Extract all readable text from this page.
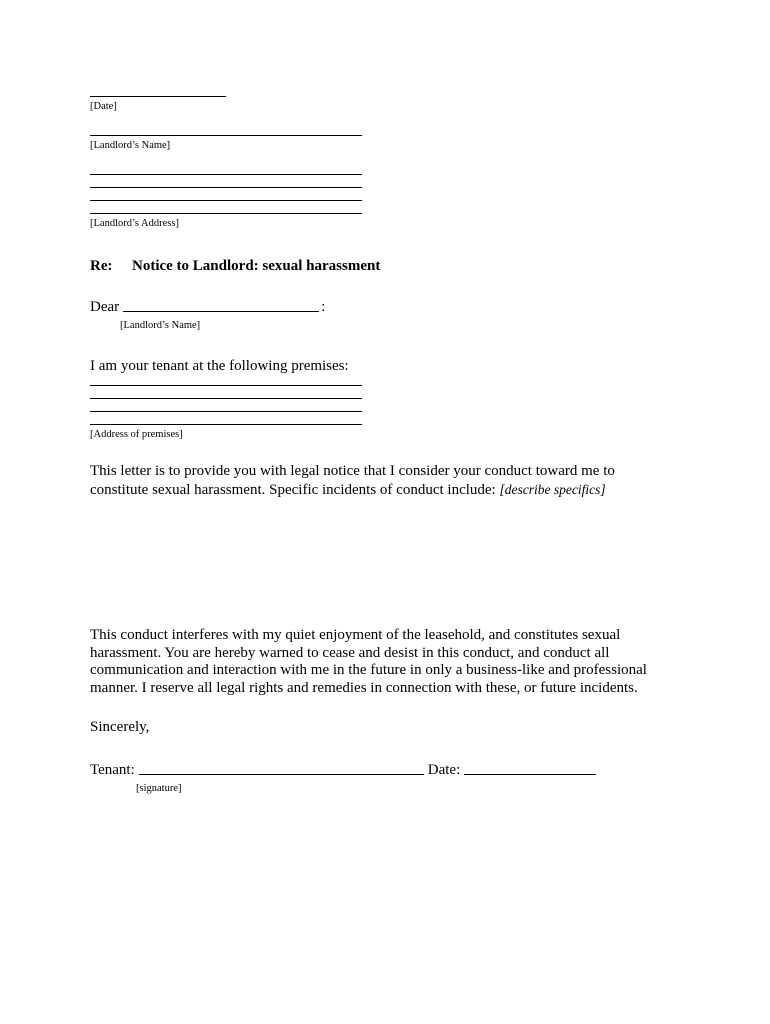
[Date]
[Landlord’s Name]
[Landlord’s Address]
Re: Notice to Landlord: sexual harassment
Dear	:
[Landlord’s Name]
I am your tenant at the following premises:
[Address of premises]
This letter is to provide you with legal notice that I consider your conduct toward me to constitute sexual harassment. Specific incidents of conduct include: [describe specifics]
This conduct interferes with my quiet enjoyment of the leasehold, and constitutes sexual harassment. You are hereby warned to cease and desist in this conduct, and conduct all communication and interaction with me in the future in only a business-like and professional manner. I reserve all legal rights and remedies in connection with these, or future incidents.
Sincerely,
Tenant:	Date:
[signature]
